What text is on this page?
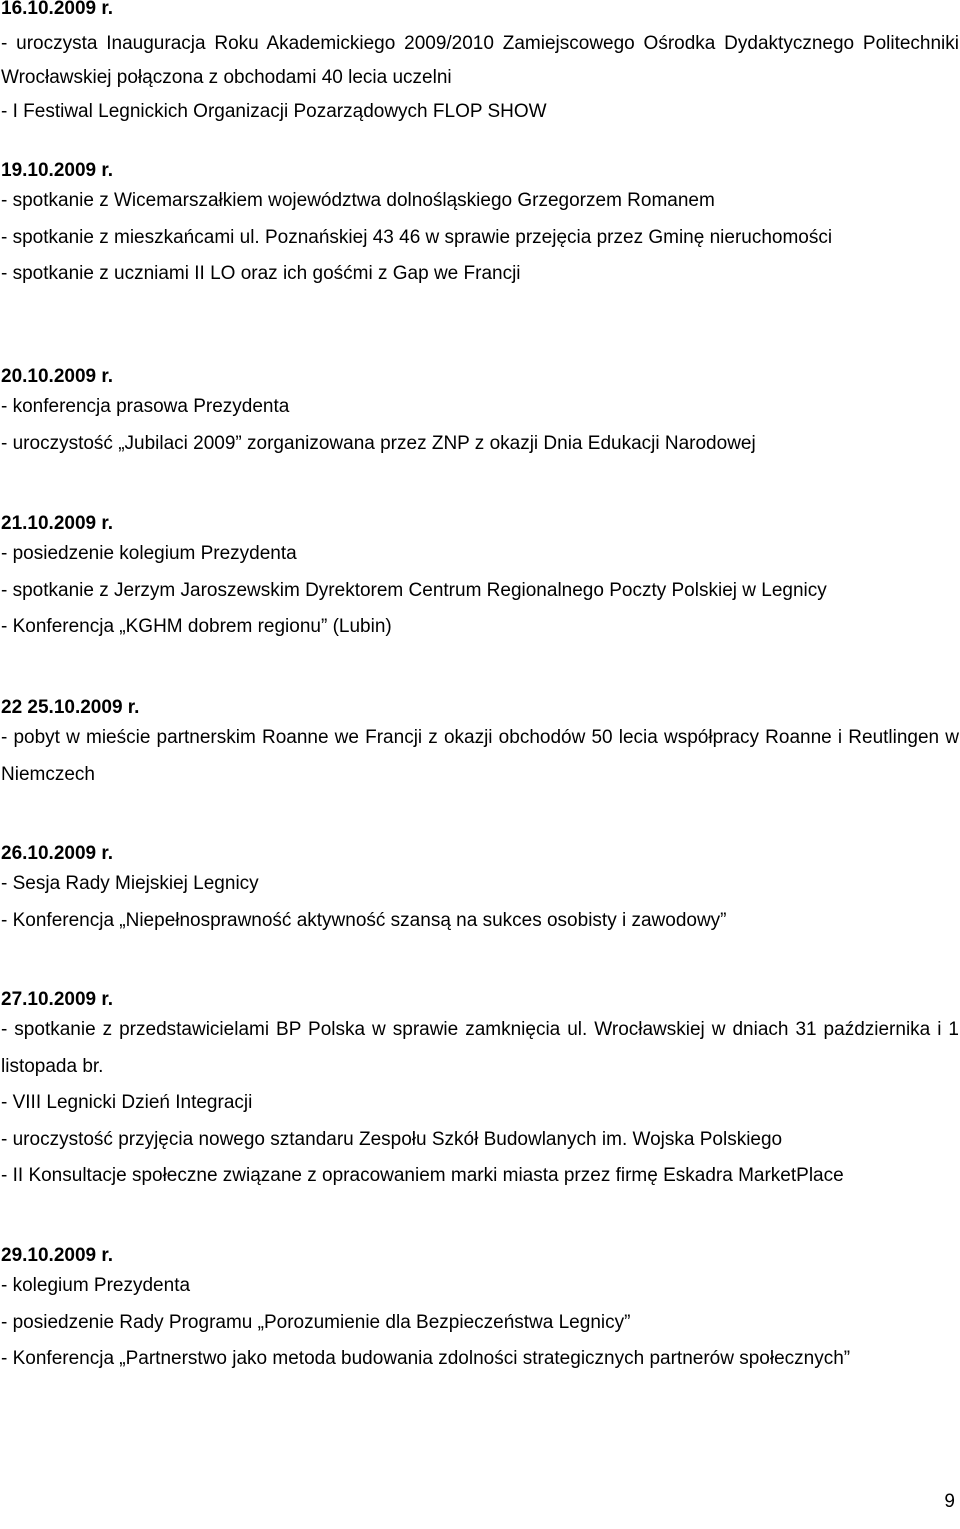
16.10.2009 r.

- uroczysta Inauguracja Roku Akademickiego 2009/2010 Zamiejscowego Ośrodka Dydaktycznego Politechniki Wrocławskiej połączona z obchodami 40 lecia uczelni

- I Festiwal Legnickich Organizacji Pozarządowych FLOP SHOW

19.10.2009 r.

- spotkanie z Wicemarszałkiem województwa dolnośląskiego Grzegorzem Romanem

- spotkanie z mieszkańcami ul. Poznańskiej 43 46 w sprawie przejęcia przez Gminę nieruchomości

- spotkanie z uczniami II LO oraz ich gośćmi z Gap we Francji

20.10.2009 r.

- konferencja prasowa Prezydenta

- uroczystość „Jubilaci 2009” zorganizowana przez ZNP z okazji Dnia Edukacji Narodowej

21.10.2009 r.

- posiedzenie kolegium Prezydenta

- spotkanie z Jerzym Jaroszewskim Dyrektorem Centrum Regionalnego Poczty Polskiej w Legnicy

- Konferencja „KGHM dobrem regionu” (Lubin)

22 25.10.2009 r.

- pobyt w mieście partnerskim Roanne we Francji z okazji obchodów 50 lecia współpracy Roanne i Reutlingen w Niemczech

26.10.2009 r.

- Sesja Rady Miejskiej Legnicy

- Konferencja „Niepełnosprawność aktywność szansą na sukces osobisty i zawodowy”

27.10.2009 r.

- spotkanie z przedstawicielami BP Polska w sprawie zamknięcia ul. Wrocławskiej w dniach 31 października i 1 listopada br.

- VIII Legnicki Dzień Integracji

- uroczystość przyjęcia nowego sztandaru Zespołu Szkół Budowlanych im. Wojska Polskiego

- II Konsultacje społeczne związane z opracowaniem marki miasta przez firmę Eskadra MarketPlace

29.10.2009 r.

- kolegium Prezydenta

- posiedzenie Rady Programu „Porozumienie dla Bezpieczeństwa Legnicy”

- Konferencja „Partnerstwo jako metoda budowania zdolności strategicznych partnerów społecznych”

9
